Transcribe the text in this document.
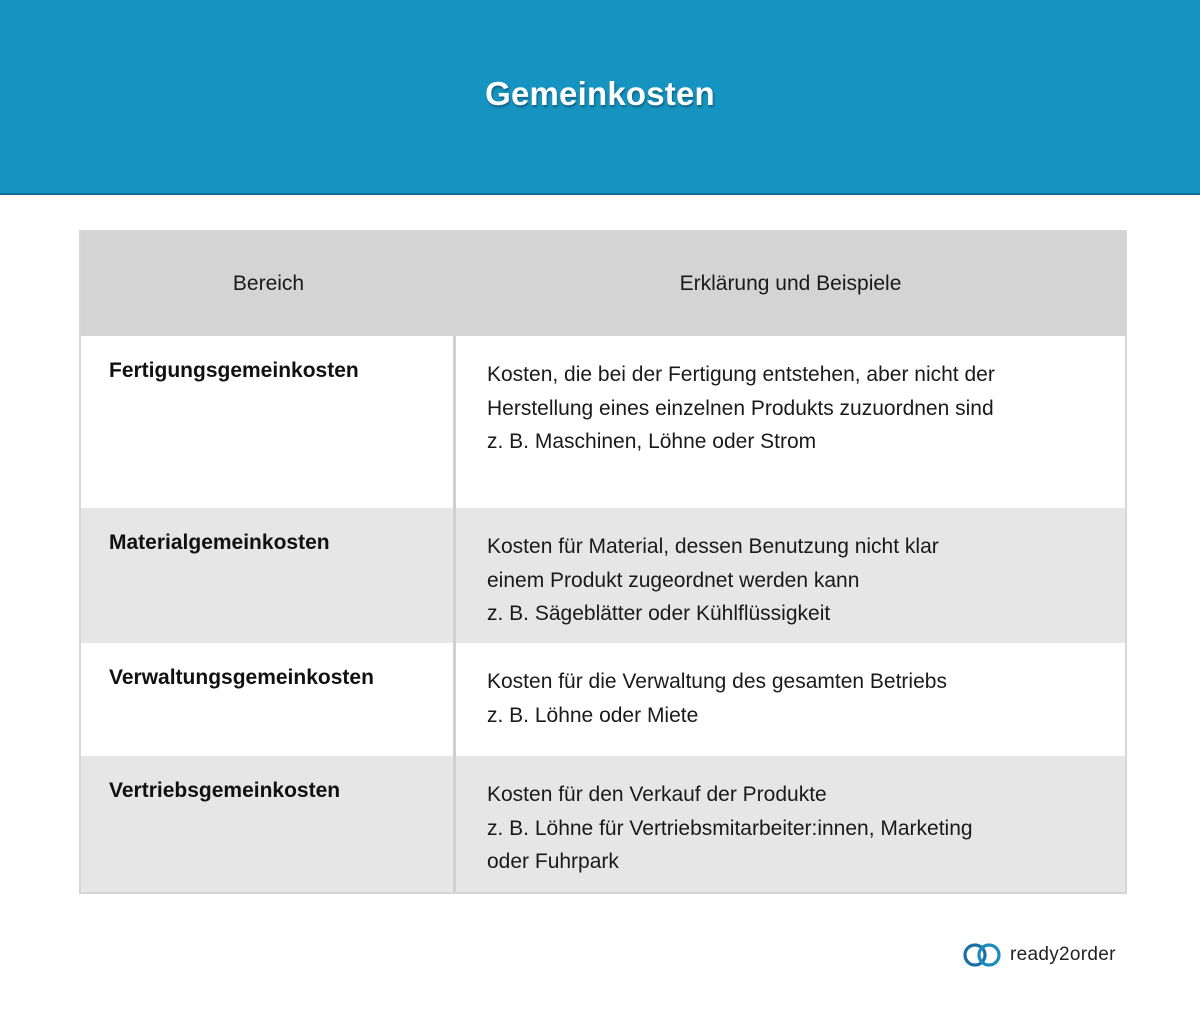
Gemeinkosten
Bereich	Erklärung und Beispiele
Fertigungsgemeinkosten	Kosten, die bei der Fertigung entstehen, aber nicht der
Herstellung eines einzelnen Produkts zuzuordnen sind
z. B. Maschinen, Löhne oder Strom
Materialgemeinkosten	Kosten für Material, dessen Benutzung nicht klar
einem Produkt zugeordnet werden kann
z. B. Sägeblätter oder Kühlflüssigkeit
Verwaltungsgemeinkosten	Kosten für die Verwaltung des gesamten Betriebs
z. B. Löhne oder Miete
Vertriebsgemeinkosten	Kosten für den Verkauf der Produkte
z. B. Löhne für Vertriebsmitarbeiter:innen, Marketing
oder Fuhrpark
ready2order
